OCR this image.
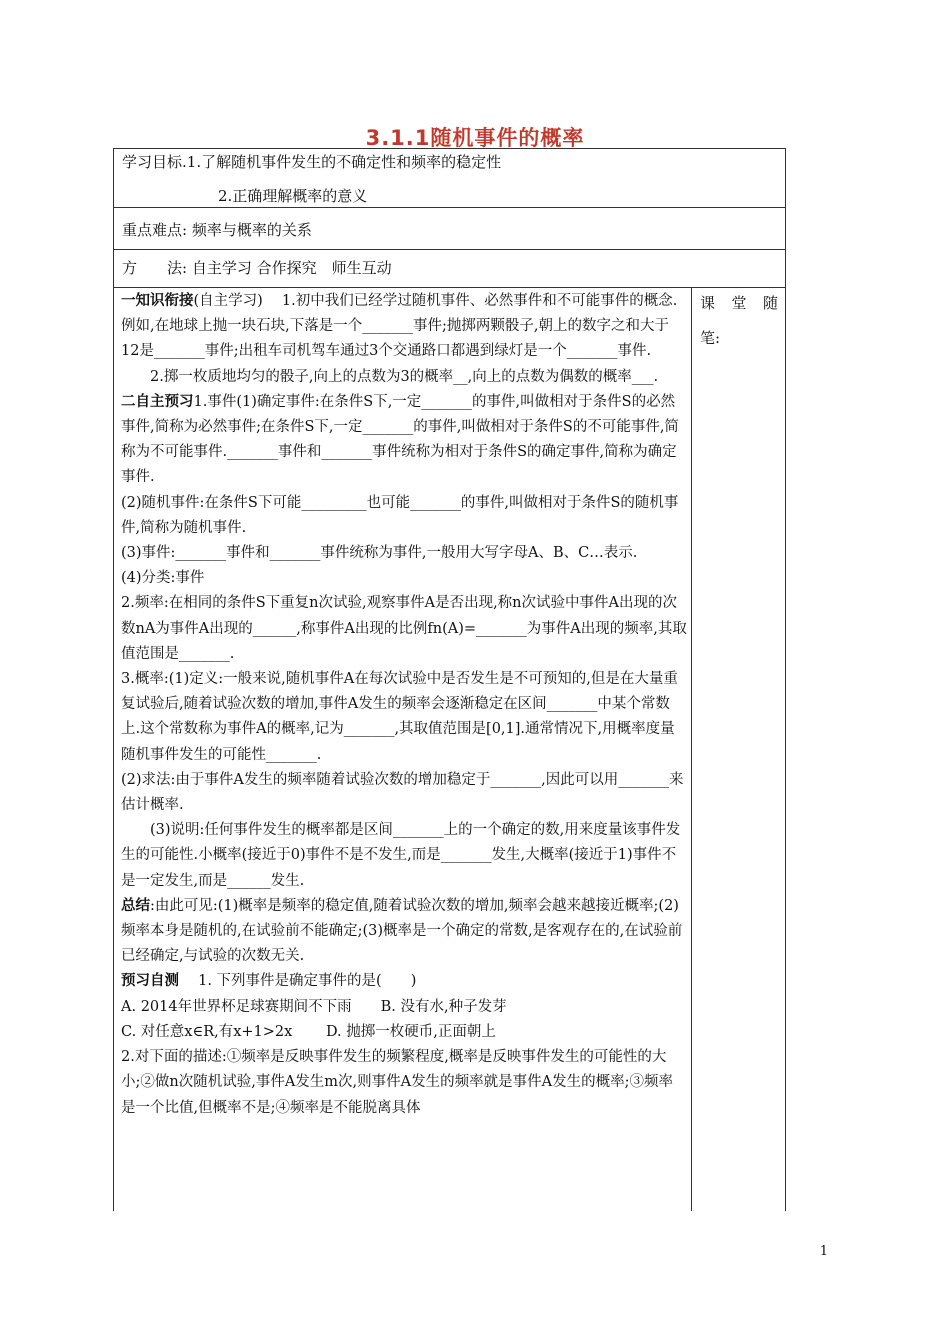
3.1.1随机事件的概率
学习目标.1.了解随机事件发生的不确定性和频率的稳定性
2.正确理解概率的意义
重点难点: 频率与概率的关系
方　　法: 自主学习 合作探究　师生互动

一知识衔接(自主学习)　 1.初中我们已经学过随机事件、必然事件和不可能事件的概念.例如,在地球上抛一块石块,下落是一个_______事件;抛掷两颗骰子,朝上的数字之和大于12是_______事件;出租车司机驾车通过3个交通路口都遇到绿灯是一个_______事件.

2.掷一枚质地均匀的骰子,向上的点数为3的概率__,向上的点数为偶数的概率___.

二自主预习1.事件(1)确定事件:在条件S下,一定_______的事件,叫做相对于条件S的必然事件,简称为必然事件;在条件S下,一定_______的事件,叫做相对于条件S的不可能事件,简称为不可能事件._______事件和_______事件统称为相对于条件S的确定事件,简称为确定事件.

(2)随机事件:在条件S下可能_________也可能_______的事件,叫做相对于条件S的随机事件,简称为随机事件.

(3)事件:_______事件和_______事件统称为事件,一般用大写字母A、B、C…表示.

(4)分类:事件

2.频率:在相同的条件S下重复n次试验,观察事件A是否出现,称n次试验中事件A出现的次数nA为事件A出现的______,称事件A出现的比例fn(A)=_______为事件A出现的频率,其取值范围是_______.

3.概率:(1)定义:一般来说,随机事件A在每次试验中是否发生是不可预知的,但是在大量重复试验后,随着试验次数的增加,事件A发生的频率会逐渐稳定在区间_______中某个常数上.这个常数称为事件A的概率,记为_______,其取值范围是[0,1].通常情况下,用概率度量随机事件发生的可能性_______.

(2)求法:由于事件A发生的频率随着试验次数的增加稳定于_______,因此可以用_______来估计概率.

(3)说明:任何事件发生的概率都是区间_______上的一个确定的数,用来度量该事件发生的可能性.小概率(接近于0)事件不是不发生,而是_______发生,大概率(接近于1)事件不是一定发生,而是______发生.

总结:由此可见:(1)概率是频率的稳定值,随着试验次数的增加,频率会越来越接近概率;(2)频率本身是随机的,在试验前不能确定;(3)概率是一个确定的常数,是客观存在的,在试验前已经确定,与试验的次数无关.

预习自测　 1. 下列事件是确定事件的是(　　)

A. 2014年世界杯足球赛期间不下雨　　B. 没有水,种子发芽

C. 对任意x∈R,有x+1>2x　　 D. 抛掷一枚硬币,正面朝上

2.对下面的描述:①频率是反映事件发生的频繁程度,概率是反映事件发生的可能性的大小;②做n次随机试验,事件A发生m次,则事件A发生的频率就是事件A发生的概率;③频率是一个比值,但概率不是;④频率是不能脱离具体

课堂随
笔:
1
